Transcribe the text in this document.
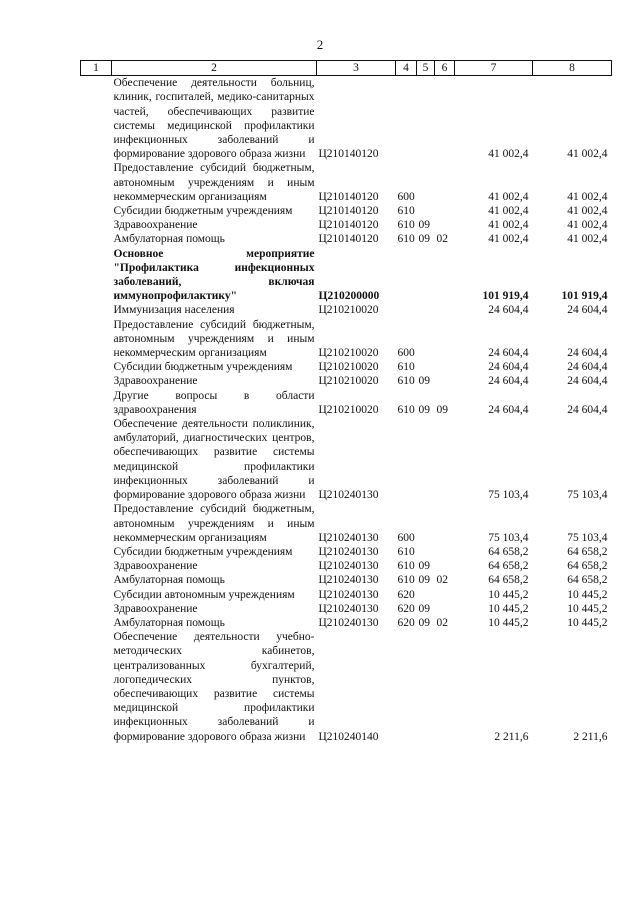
2
1	2	3	4	5	6	7	8
	Обеспечение деятельности больниц, клиник, госпиталей, медико-санитарных частей, обеспечивающих развитие системы медицинской профилактики инфекционных заболеваний и формирование здорового образа жизни	Ц210140120				41 002,4	41 002,4
	Предоставление субсидий бюджетным, автономным учреждениям и иным некоммерческим организациям	Ц210140120	600			41 002,4	41 002,4
	Субсидии бюджетным учреждениям	Ц210140120	610			41 002,4	41 002,4
	Здравоохранение	Ц210140120	610	09		41 002,4	41 002,4
	Амбулаторная помощь	Ц210140120	610	09	02	41 002,4	41 002,4
	Основное мероприятие "Профилактика инфекционных заболеваний, включая иммунопрофилактику"	Ц210200000				101 919,4	101 919,4
	Иммунизация населения	Ц210210020				24 604,4	24 604,4
	Предоставление субсидий бюджетным, автономным учреждениям и иным некоммерческим организациям	Ц210210020	600			24 604,4	24 604,4
	Субсидии бюджетным учреждениям	Ц210210020	610			24 604,4	24 604,4
	Здравоохранение	Ц210210020	610	09		24 604,4	24 604,4
	Другие вопросы в области здравоохранения	Ц210210020	610	09	09	24 604,4	24 604,4
	Обеспечение деятельности поликлиник, амбулаторий, диагностических центров, обеспечивающих развитие системы медицинской профилактики инфекционных заболеваний и формирование здорового образа жизни	Ц210240130				75 103,4	75 103,4
	Предоставление субсидий бюджетным, автономным учреждениям и иным некоммерческим организациям	Ц210240130	600			75 103,4	75 103,4
	Субсидии бюджетным учреждениям	Ц210240130	610			64 658,2	64 658,2
	Здравоохранение	Ц210240130	610	09		64 658,2	64 658,2
	Амбулаторная помощь	Ц210240130	610	09	02	64 658,2	64 658,2
	Субсидии автономным учреждениям	Ц210240130	620			10 445,2	10 445,2
	Здравоохранение	Ц210240130	620	09		10 445,2	10 445,2
	Амбулаторная помощь	Ц210240130	620	09	02	10 445,2	10 445,2
	Обеспечение деятельности учебно-методических кабинетов, централизованных бухгалтерий, логопедических пунктов, обеспечивающих развитие системы медицинской профилактики инфекционных заболеваний и формирование здорового образа жизни	Ц210240140				2 211,6	2 211,6
